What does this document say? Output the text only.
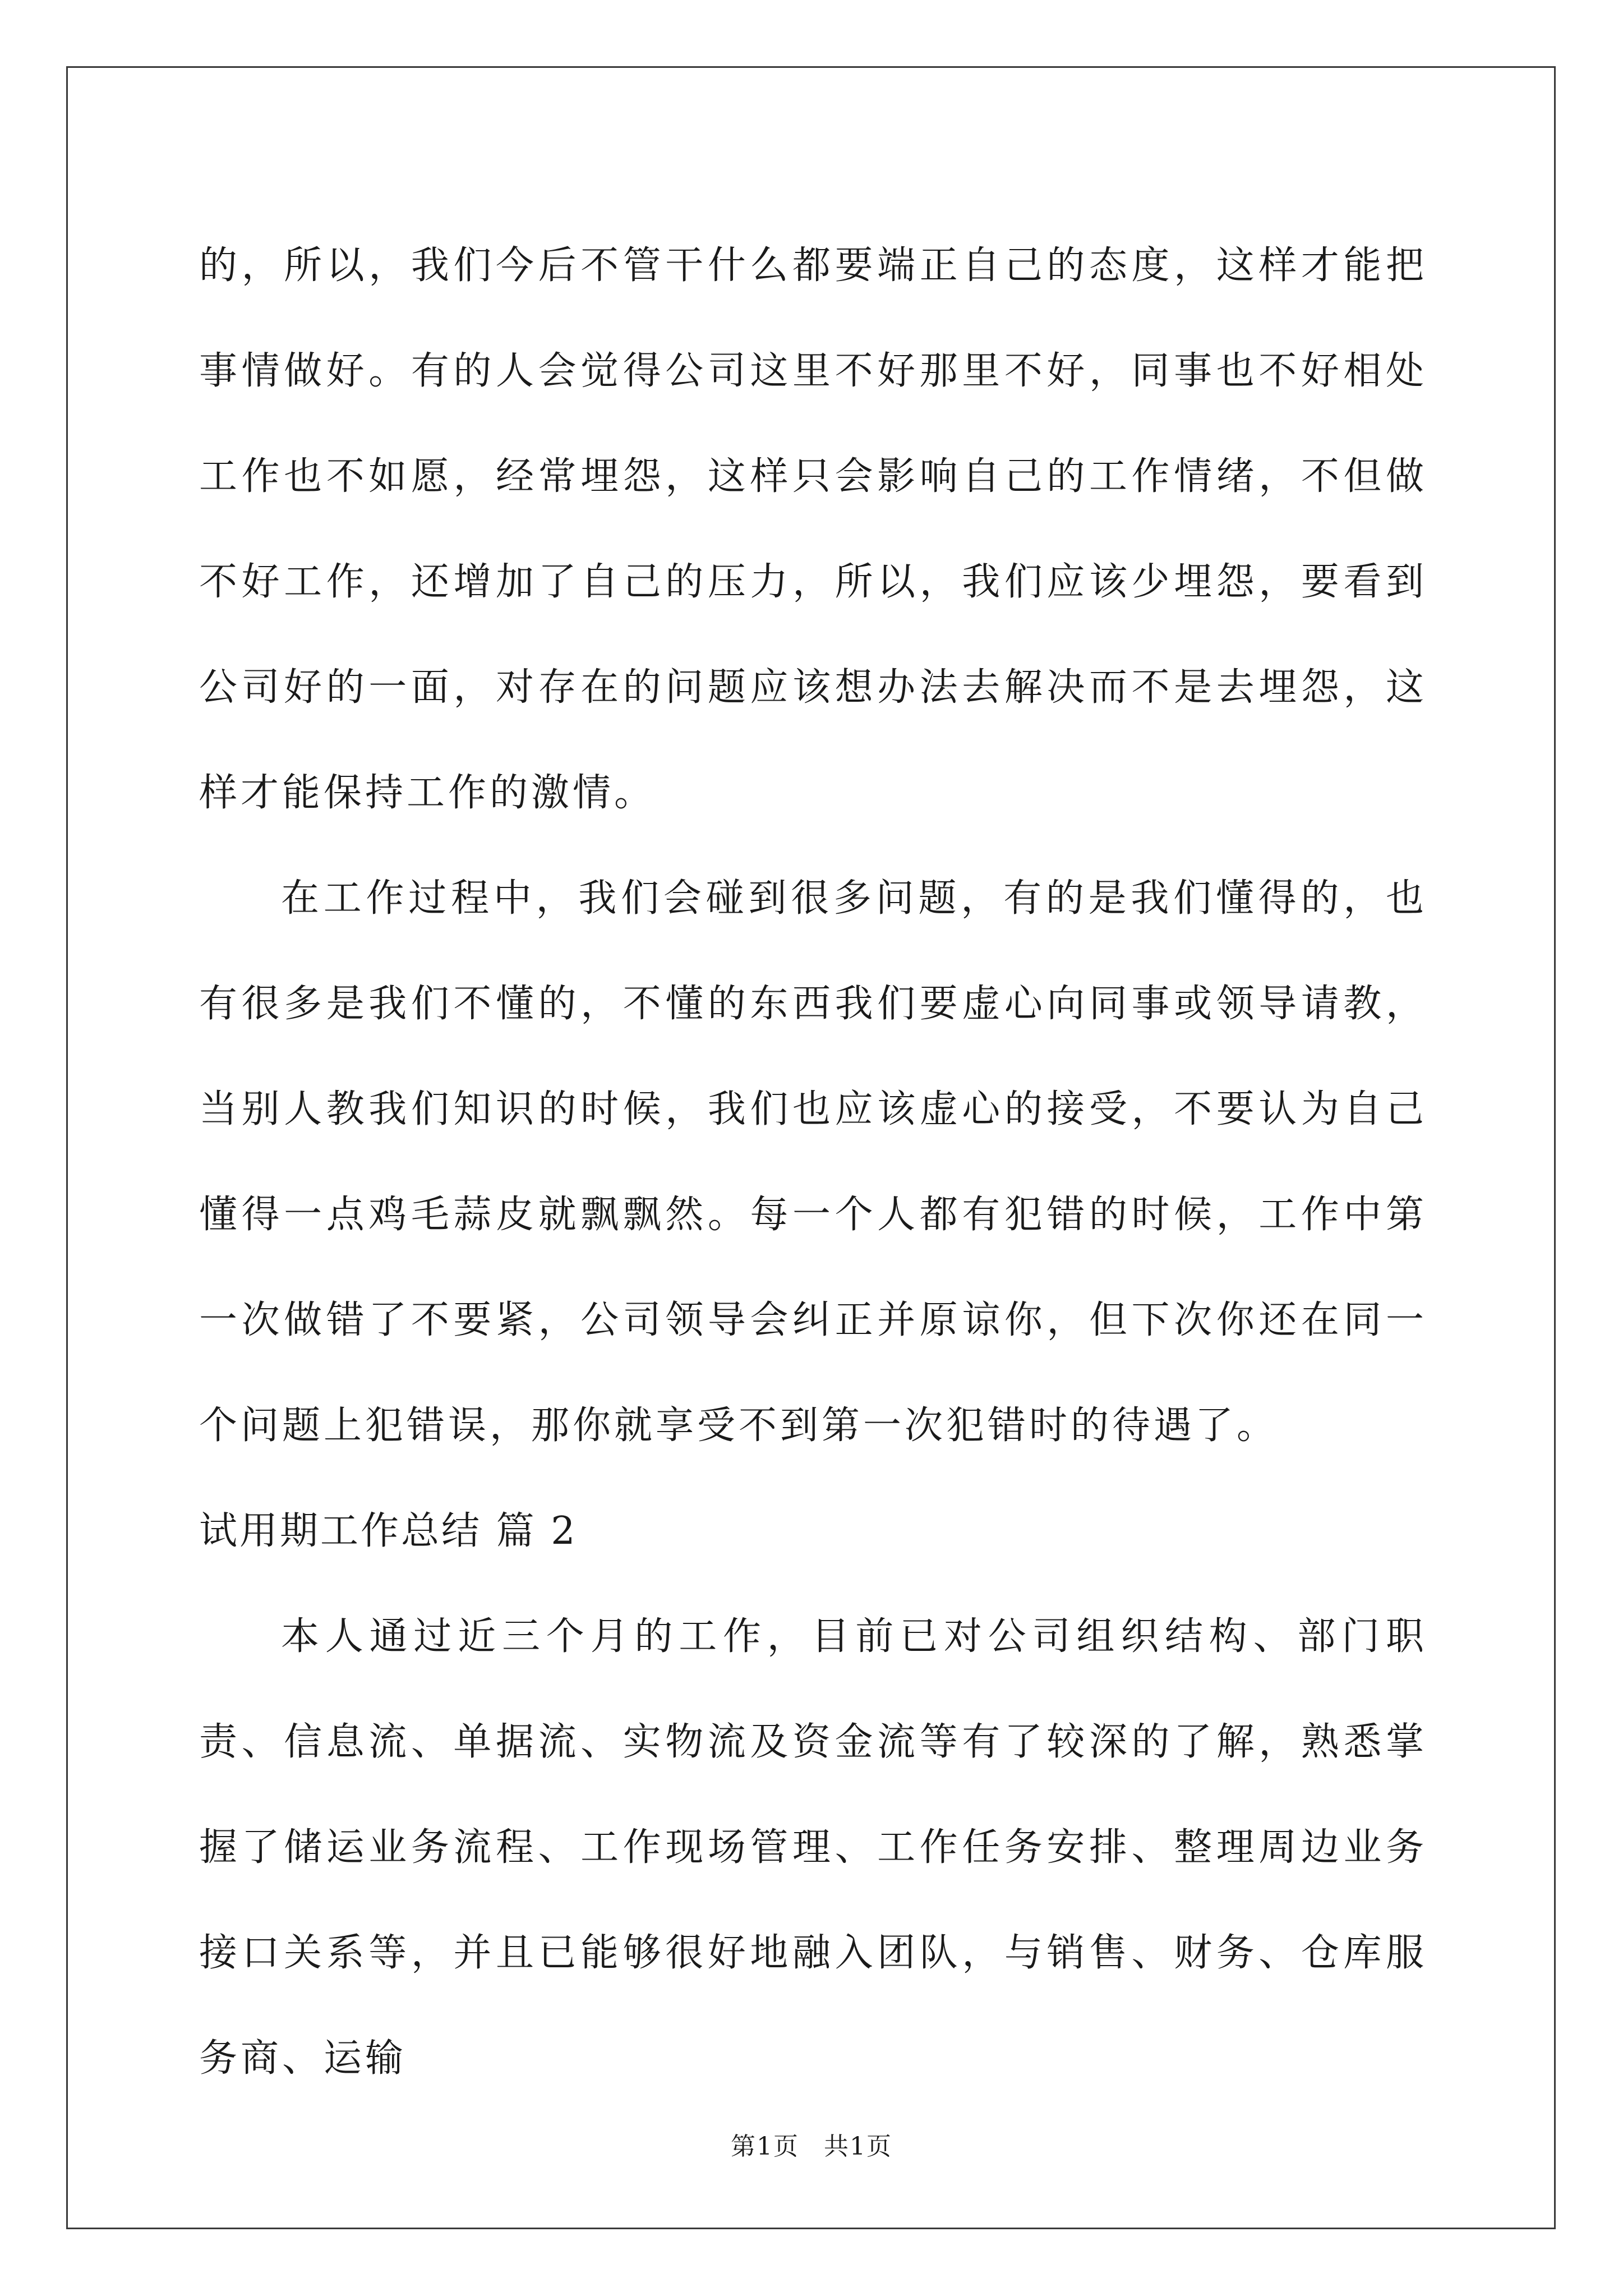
的，所以，我们今后不管干什么都要端正自己的态度，这样才能把事情做好。有的人会觉得公司这里不好那里不好，同事也不好相处工作也不如愿，经常埋怨，这样只会影响自己的工作情绪，不但做不好工作，还增加了自己的压力，所以，我们应该少埋怨，要看到公司好的一面，对存在的问题应该想办法去解决而不是去埋怨，这样才能保持工作的激情。

在工作过程中，我们会碰到很多问题，有的是我们懂得的，也有很多是我们不懂的，不懂的东西我们要虚心向同事或领导请教，当别人教我们知识的时候，我们也应该虚心的接受，不要认为自己懂得一点鸡毛蒜皮就飘飘然。每一个人都有犯错的时候，工作中第一次做错了不要紧，公司领导会纠正并原谅你，但下次你还在同一个问题上犯错误，那你就享受不到第一次犯错时的待遇了。

试用期工作总结 篇 2

本人通过近三个月的工作，目前已对公司组织结构、部门职责、信息流、单据流、实物流及资金流等有了较深的了解，熟悉掌握了储运业务流程、工作现场管理、工作任务安排、整理周边业务接口关系等，并且已能够很好地融入团队，与销售、财务、仓库服务商、运输

第1页 共1页
